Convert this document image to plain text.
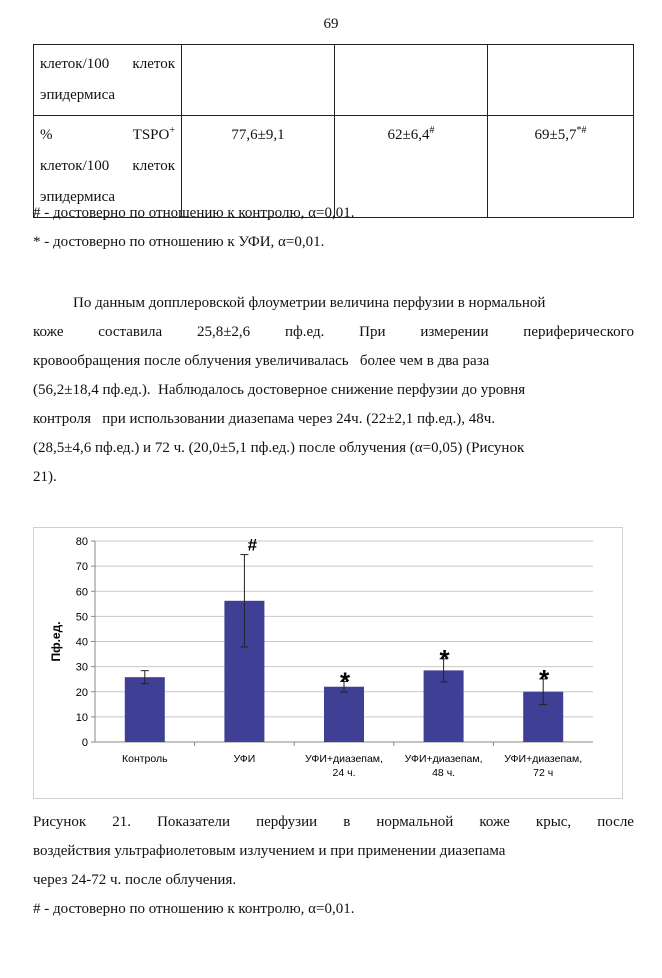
69
клеток/100 клеток
эпидермиса			

% TSPO+
клеток/100 клеток
эпидермиса	77,6±9,1	62±6,4#	69±5,7*#
# - достоверно по отношению к контролю, α=0,01.
* - достоверно по отношению к УФИ, α=0,01.
По данным допплеровской флоуметрии величина перфузии в нормальной
коже составила 25,8±2,6 пф.ед. При измерении периферического
кровообращения после облучения увеличивалась   более чем в два раза
(56,2±18,4 пф.ед.).  Наблюдалось достоверное снижение перфузии до уровня
контроля   при использовании диазепама через 24ч. (22±2,1 пф.ед.), 48ч.
(28,5±4,6 пф.ед.) и 72 ч. (20,0±5,1 пф.ед.) после облучения (α=0,05) (Рисунок
21).
0
10
20
30
40
50
60
70
80
Пф.ед.
Контроль
#
УФИ
*
УФИ+диазепам,
24 ч.
*
УФИ+диазепам,
48 ч.
*
УФИ+диазепам,
72 ч
Рисунок 21. Показатели перфузии в нормальной коже крыс, после
воздействия ультрафиолетовым излучением и при применении диазепама
через 24-72 ч. после облучения.
# - достоверно по отношению к контролю, α=0,01.
